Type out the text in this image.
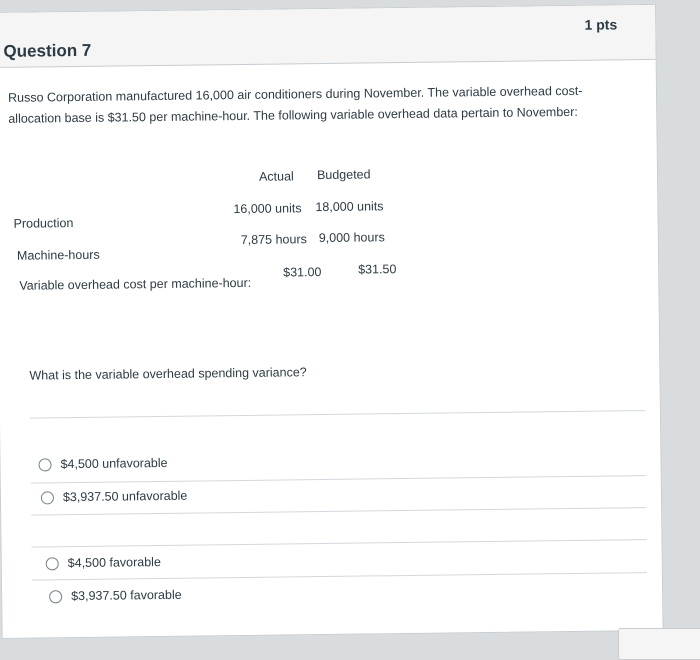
Question 7
1 pts
Russo Corporation manufactured 16,000 air conditioners during November. The variable overhead cost-allocation base is $31.50 per machine-hour. The following variable overhead data pertain to November:
Actual Budgeted
Production
16,000 units 18,000 units
Machine-hours
7,875 hours 9,000 hours
Variable overhead cost per machine-hour:
$31.00	$31.50
What is the variable overhead spending variance?
$4,500 unfavorable
$3,937.50 unfavorable
$4,500 favorable
$3,937.50 favorable
